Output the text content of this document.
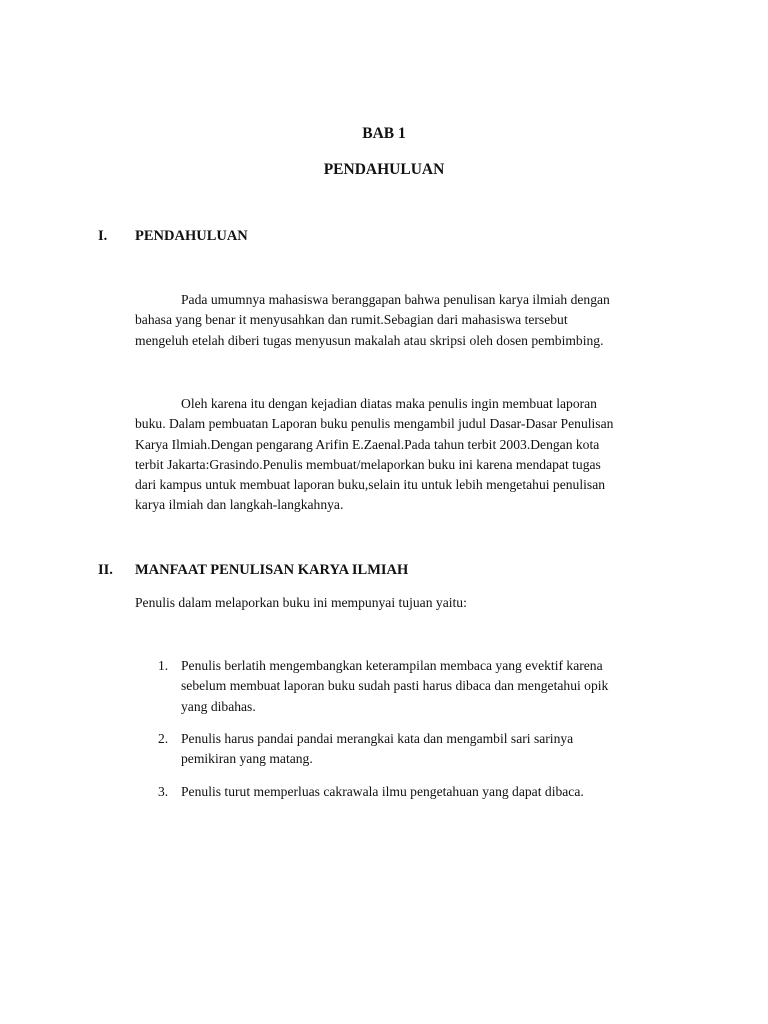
BAB 1
PENDAHULUAN
I. PENDAHULUAN
Pada umumnya mahasiswa beranggapan bahwa penulisan karya ilmiah dengan
bahasa yang benar it menyusahkan dan rumit.Sebagian dari mahasiswa tersebut
mengeluh etelah diberi tugas menyusun makalah atau skripsi oleh dosen pembimbing.
Oleh karena itu dengan kejadian diatas maka penulis ingin membuat laporan
buku. Dalam pembuatan Laporan buku penulis mengambil judul Dasar-Dasar Penulisan
Karya Ilmiah.Dengan pengarang Arifin E.Zaenal.Pada tahun terbit 2003.Dengan kota
terbit Jakarta:Grasindo.Penulis membuat/melaporkan buku ini karena mendapat tugas
dari kampus untuk membuat laporan buku,selain itu untuk lebih mengetahui penulisan
karya ilmiah dan langkah-langkahnya.
II. MANFAAT PENULISAN KARYA ILMIAH
Penulis dalam melaporkan buku ini mempunyai tujuan yaitu:
1. Penulis berlatih mengembangkan keterampilan membaca yang evektif karena
sebelum membuat laporan buku sudah pasti harus dibaca dan mengetahui opik
yang dibahas.
2. Penulis harus pandai pandai merangkai kata dan mengambil sari sarinya
pemikiran yang matang.
3. Penulis turut memperluas cakrawala ilmu pengetahuan yang dapat dibaca.
